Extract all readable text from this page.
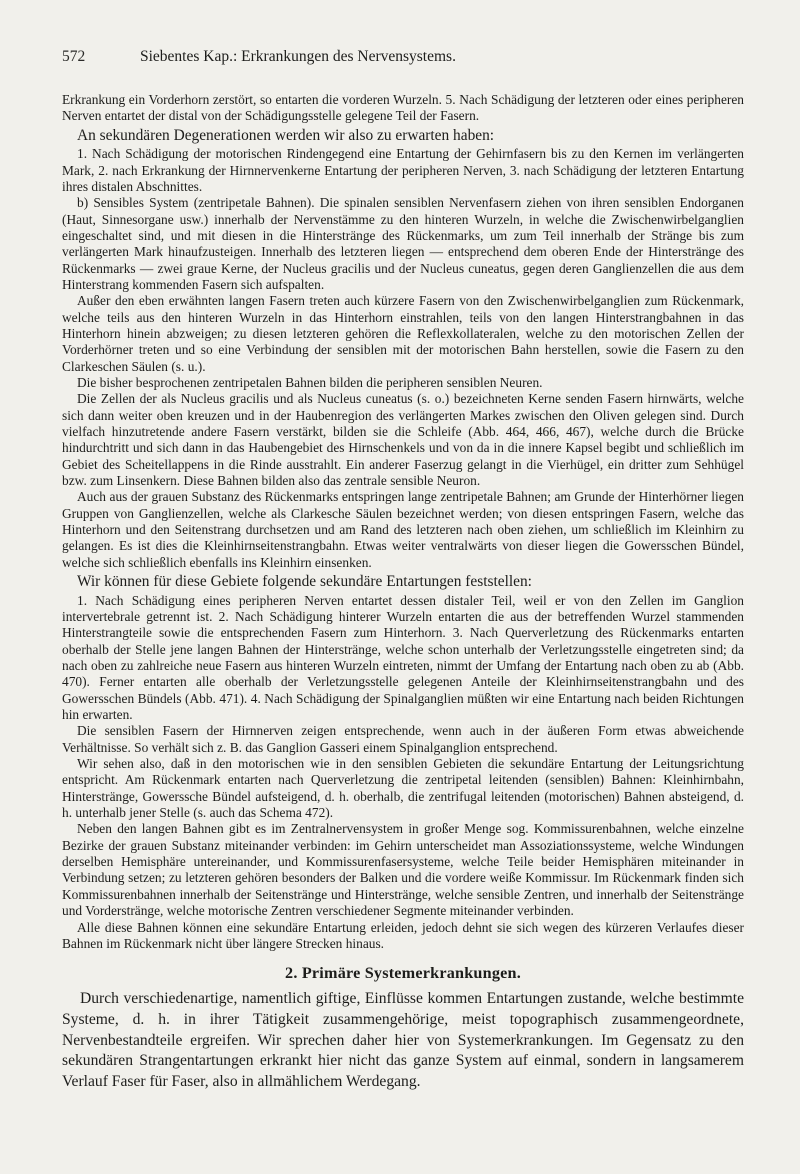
572	Siebentes Kap.: Erkrankungen des Nervensystems.

Erkrankung ein Vorderhorn zerstört, so entarten die vorderen Wurzeln. 5. Nach Schädigung der letzteren oder eines peripheren Nerven entartet der distal von der Schädigungsstelle gelegene Teil der Fasern.

An sekundären Degenerationen werden wir also zu erwarten haben:

1. Nach Schädigung der motorischen Rindengegend eine Entartung der Gehirnfasern bis zu den Kernen im verlängerten Mark, 2. nach Erkrankung der Hirnnervenkerne Entartung der peripheren Nerven, 3. nach Schädigung der letzteren Entartung ihres distalen Abschnittes.

b) Sensibles System (zentripetale Bahnen). Die spinalen sensiblen Nervenfasern ziehen von ihren sensiblen Endorganen (Haut, Sinnesorgane usw.) innerhalb der Nervenstämme zu den hinteren Wurzeln, in welche die Zwischenwirbelganglien eingeschaltet sind, und mit diesen in die Hinterstränge des Rückenmarks, um zum Teil innerhalb der Stränge bis zum verlängerten Mark hinaufzusteigen. Innerhalb des letzteren liegen — entsprechend dem oberen Ende der Hinterstränge des Rückenmarks — zwei graue Kerne, der Nucleus gracilis und der Nucleus cuneatus, gegen deren Ganglienzellen die aus dem Hinterstrang kommenden Fasern sich aufspalten.

Außer den eben erwähnten langen Fasern treten auch kürzere Fasern von den Zwischenwirbelganglien zum Rückenmark, welche teils aus den hinteren Wurzeln in das Hinterhorn einstrahlen, teils von den langen Hinterstrangbahnen in das Hinterhorn hinein abzweigen; zu diesen letzteren gehören die Reflexkollateralen, welche zu den motorischen Zellen der Vorderhörner treten und so eine Verbindung der sensiblen mit der motorischen Bahn herstellen, sowie die Fasern zu den Clarkeschen Säulen (s. u.).

Die bisher besprochenen zentripetalen Bahnen bilden die peripheren sensiblen Neuren.

Die Zellen der als Nucleus gracilis und als Nucleus cuneatus (s. o.) bezeichneten Kerne senden Fasern hirnwärts, welche sich dann weiter oben kreuzen und in der Haubenregion des verlängerten Markes zwischen den Oliven gelegen sind. Durch vielfach hinzutretende andere Fasern verstärkt, bilden sie die Schleife (Abb. 464, 466, 467), welche durch die Brücke hindurchtritt und sich dann in das Haubengebiet des Hirnschenkels und von da in die innere Kapsel begibt und schließlich im Gebiet des Scheitellappens in die Rinde ausstrahlt. Ein anderer Faserzug gelangt in die Vierhügel, ein dritter zum Sehhügel bzw. zum Linsenkern. Diese Bahnen bilden also das zentrale sensible Neuron.

Auch aus der grauen Substanz des Rückenmarks entspringen lange zentripetale Bahnen; am Grunde der Hinterhörner liegen Gruppen von Ganglienzellen, welche als Clarkesche Säulen bezeichnet werden; von diesen entspringen Fasern, welche das Hinterhorn und den Seitenstrang durchsetzen und am Rand des letzteren nach oben ziehen, um schließlich im Kleinhirn zu gelangen. Es ist dies die Kleinhirnseitenstrangbahn. Etwas weiter ventralwärts von dieser liegen die Gowersschen Bündel, welche sich schließlich ebenfalls ins Kleinhirn einsenken.

Wir können für diese Gebiete folgende sekundäre Entartungen feststellen:

1. Nach Schädigung eines peripheren Nerven entartet dessen distaler Teil, weil er von den Zellen im Ganglion intervertebrale getrennt ist. 2. Nach Schädigung hinterer Wurzeln entarten die aus der betreffenden Wurzel stammenden Hinterstrangteile sowie die entsprechenden Fasern zum Hinterhorn. 3. Nach Querverletzung des Rückenmarks entarten oberhalb der Stelle jene langen Bahnen der Hinterstränge, welche schon unterhalb der Verletzungsstelle eingetreten sind; da nach oben zu zahlreiche neue Fasern aus hinteren Wurzeln eintreten, nimmt der Umfang der Entartung nach oben zu ab (Abb. 470). Ferner entarten alle oberhalb der Verletzungsstelle gelegenen Anteile der Kleinhirnseitenstrangbahn und des Gowersschen Bündels (Abb. 471). 4. Nach Schädigung der Spinalganglien müßten wir eine Entartung nach beiden Richtungen hin erwarten.

Die sensiblen Fasern der Hirnnerven zeigen entsprechende, wenn auch in der äußeren Form etwas abweichende Verhältnisse. So verhält sich z. B. das Ganglion Gasseri einem Spinalganglion entsprechend.

Wir sehen also, daß in den motorischen wie in den sensiblen Gebieten die sekundäre Entartung der Leitungsrichtung entspricht. Am Rückenmark entarten nach Querverletzung die zentripetal leitenden (sensiblen) Bahnen: Kleinhirnbahn, Hinterstränge, Gowerssche Bündel aufsteigend, d. h. oberhalb, die zentrifugal leitenden (motorischen) Bahnen absteigend, d. h. unterhalb jener Stelle (s. auch das Schema 472).

Neben den langen Bahnen gibt es im Zentralnervensystem in großer Menge sog. Kommissurenbahnen, welche einzelne Bezirke der grauen Substanz miteinander verbinden: im Gehirn unterscheidet man Assoziationssysteme, welche Windungen derselben Hemisphäre untereinander, und Kommissurenfasersysteme, welche Teile beider Hemisphären miteinander in Verbindung setzen; zu letzteren gehören besonders der Balken und die vordere weiße Kommissur. Im Rückenmark finden sich Kommissurenbahnen innerhalb der Seitenstränge und Hinterstränge, welche sensible Zentren, und innerhalb der Seitenstränge und Vorderstränge, welche motorische Zentren verschiedener Segmente miteinander verbinden.

Alle diese Bahnen können eine sekundäre Entartung erleiden, jedoch dehnt sie sich wegen des kürzeren Verlaufes dieser Bahnen im Rückenmark nicht über längere Strecken hinaus.

2. Primäre Systemerkrankungen.

Durch verschiedenartige, namentlich giftige, Einflüsse kommen Entartungen zustande, welche bestimmte Systeme, d. h. in ihrer Tätigkeit zusammengehörige, meist topographisch zusammengeordnete, Nervenbestandteile ergreifen. Wir sprechen daher hier von Systemerkrankungen. Im Gegensatz zu den sekundären Strangentartungen erkrankt hier nicht das ganze System auf einmal, sondern in langsamerem Verlauf Faser für Faser, also in allmählichem Werdegang.
